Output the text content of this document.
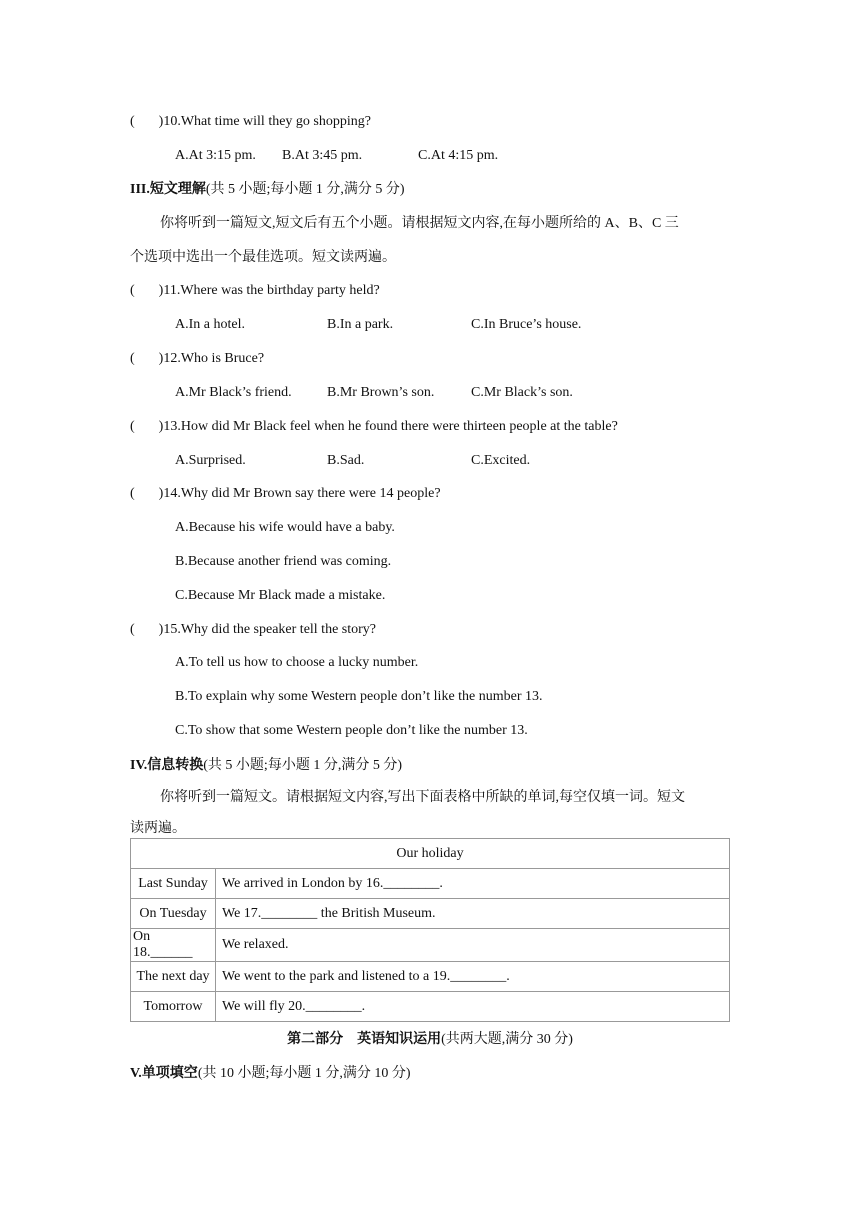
( )10.What time will they go shopping?
A.At 3:15 pm. B.At 3:45 pm.	C.At 4:15 pm.
III.短文理解(共 5 小题;每小题 1 分,满分 5 分)
你将听到一篇短文,短文后有五个小题。请根据短文内容,在每小题所给的 A、B、C 三
个选项中选出一个最佳选项。短文读两遍。
( )11.Where was the birthday party held?
A.In a hotel.	B.In a park.	C.In Bruce’s house.
( )12.Who is Bruce?
A.Mr Black’s friend.	B.Mr Brown’s son.	C.Mr Black’s son.
( )13.How did Mr Black feel when he found there were thirteen people at the table?
A.Surprised.	B.Sad.	C.Excited.
( )14.Why did Mr Brown say there were 14 people?
A.Because his wife would have a baby.
B.Because another friend was coming.
C.Because Mr Black made a mistake.
( )15.Why did the speaker tell the story?
A.To tell us how to choose a lucky number.
B.To explain why some Western people don’t like the number 13.
C.To show that some Western people don’t like the number 13.
IV.信息转换(共 5 小题;每小题 1 分,满分 5 分)
你将听到一篇短文。请根据短文内容,写出下面表格中所缺的单词,每空仅填一词。短文
读两遍。
Our holiday	
Last Sunday	We arrived in London by 16.________.
On Tuesday	We 17.________ the British Museum.
On 18.______	We relaxed.
The next day	We went to the park and listened to a 19.________.
Tomorrow	We will fly 20.________.
第二部分    英语知识运用(共两大题,满分 30 分)
V.单项填空(共 10 小题;每小题 1 分,满分 10 分)
